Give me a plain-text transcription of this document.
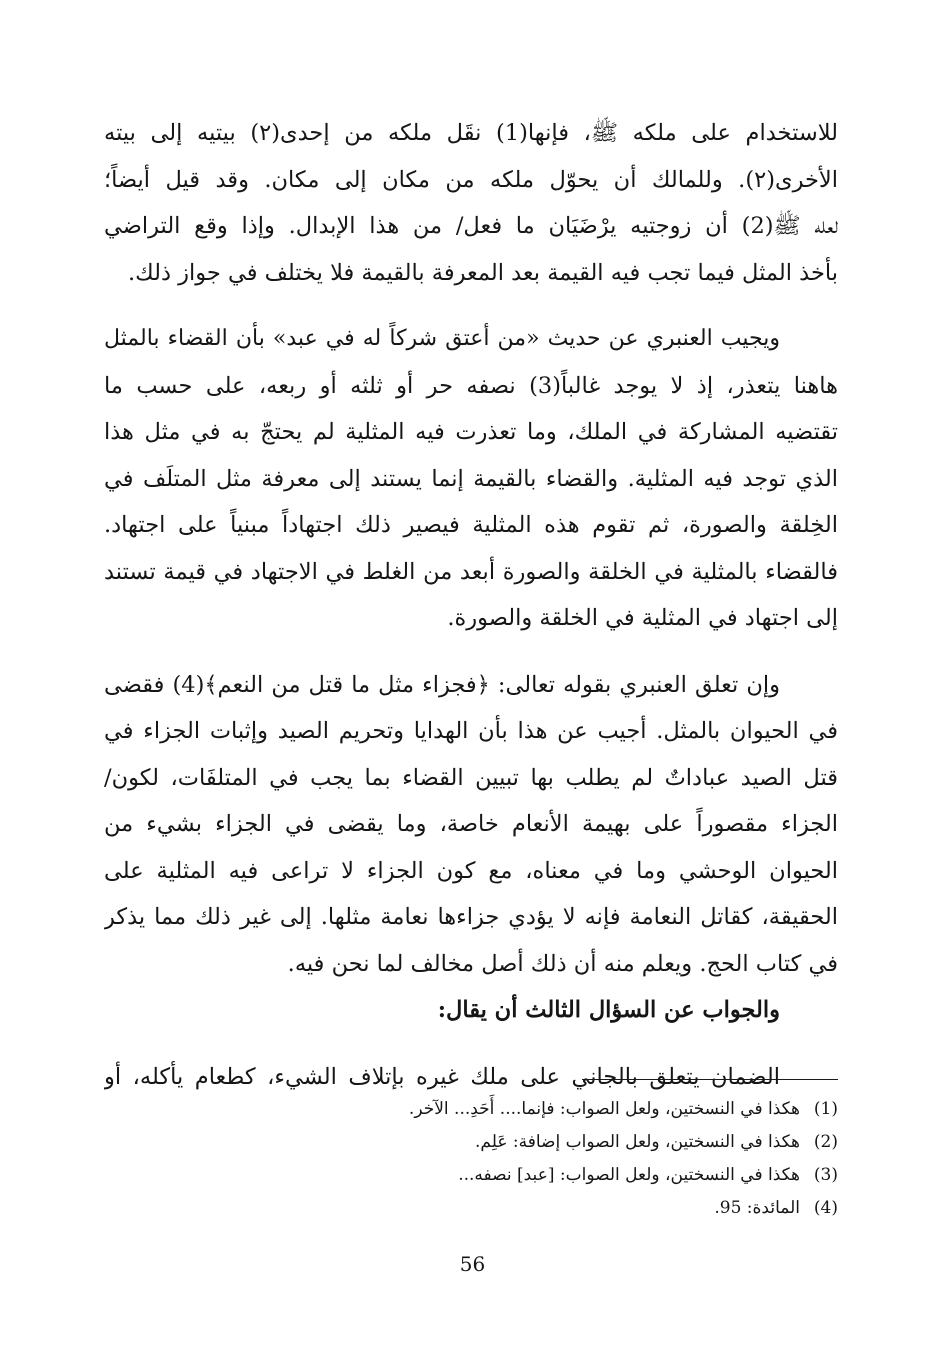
للاستخدام على ملكه ﷺ، فإنها(1) نقَل ملكه من إحدى(٢) بيتيه إلى بيته
الأخرى(٢). وللمالك أن يحوّل ملكه من مكان إلى مكان. وقد قيل أيضاً؛
لعله ﷺ(2) أن زوجتيه يرْضَيَان ما فعل/ من هذا الإبدال. وإذا وقع التراضي
بأخذ المثل فيما تجب فيه القيمة بعد المعرفة بالقيمة فلا يختلف في جواز ذلك.
ويجيب العنبري عن حديث «من أعتق شركاً له في عبد» بأن القضاء بالمثل
هاهنا يتعذر، إذ لا يوجد غالباً(3) نصفه حر أو ثلثه أو ربعه، على حسب ما
تقتضيه المشاركة في الملك، وما تعذرت فيه المثلية لم يحتجّ به في مثل هذا
الذي توجد فيه المثلية. والقضاء بالقيمة إنما يستند إلى معرفة مثل المتلَف في
الخِلقة والصورة، ثم تقوم هذه المثلية فيصير ذلك اجتهاداً مبنياً على اجتهاد.
فالقضاء بالمثلية في الخلقة والصورة أبعد من الغلط في الاجتهاد في قيمة تستند
إلى اجتهاد في المثلية في الخلقة والصورة.
وإن تعلق العنبري بقوله تعالى: ﴿فجزاء مثل ما قتل من النعم﴾(4) فقضى
في الحيوان بالمثل. أجيب عن هذا بأن الهدايا وتحريم الصيد وإثبات الجزاء في
قتل الصيد عباداتٌ لم يطلب بها تبيين القضاء بما يجب في المتلفَات، لكون/
الجزاء مقصوراً على بهيمة الأنعام خاصة، وما يقضى في الجزاء بشيء من
الحيوان الوحشي وما في معناه، مع كون الجزاء لا تراعى فيه المثلية على
الحقيقة، كقاتل النعامة فإنه لا يؤدي جزاءها نعامة مثلها. إلى غير ذلك مما يذكر
في كتاب الحج. ويعلم منه أن ذلك أصل مخالف لما نحن فيه.
والجواب عن السؤال الثالث أن يقال:
الضمان يتعلق بالجاني على ملك غيره بإتلاف الشيء، كطعام يأكله، أو
(1)هكذا في النسختين، ولعل الصواب: فإنما.... أَحَدِ... الآخر.
(2)هكذا في النسختين، ولعل الصواب إضافة: عَلِم.
(3)هكذا في النسختين، ولعل الصواب: [عبد] نصفه...
(4)المائدة: 95.
56
